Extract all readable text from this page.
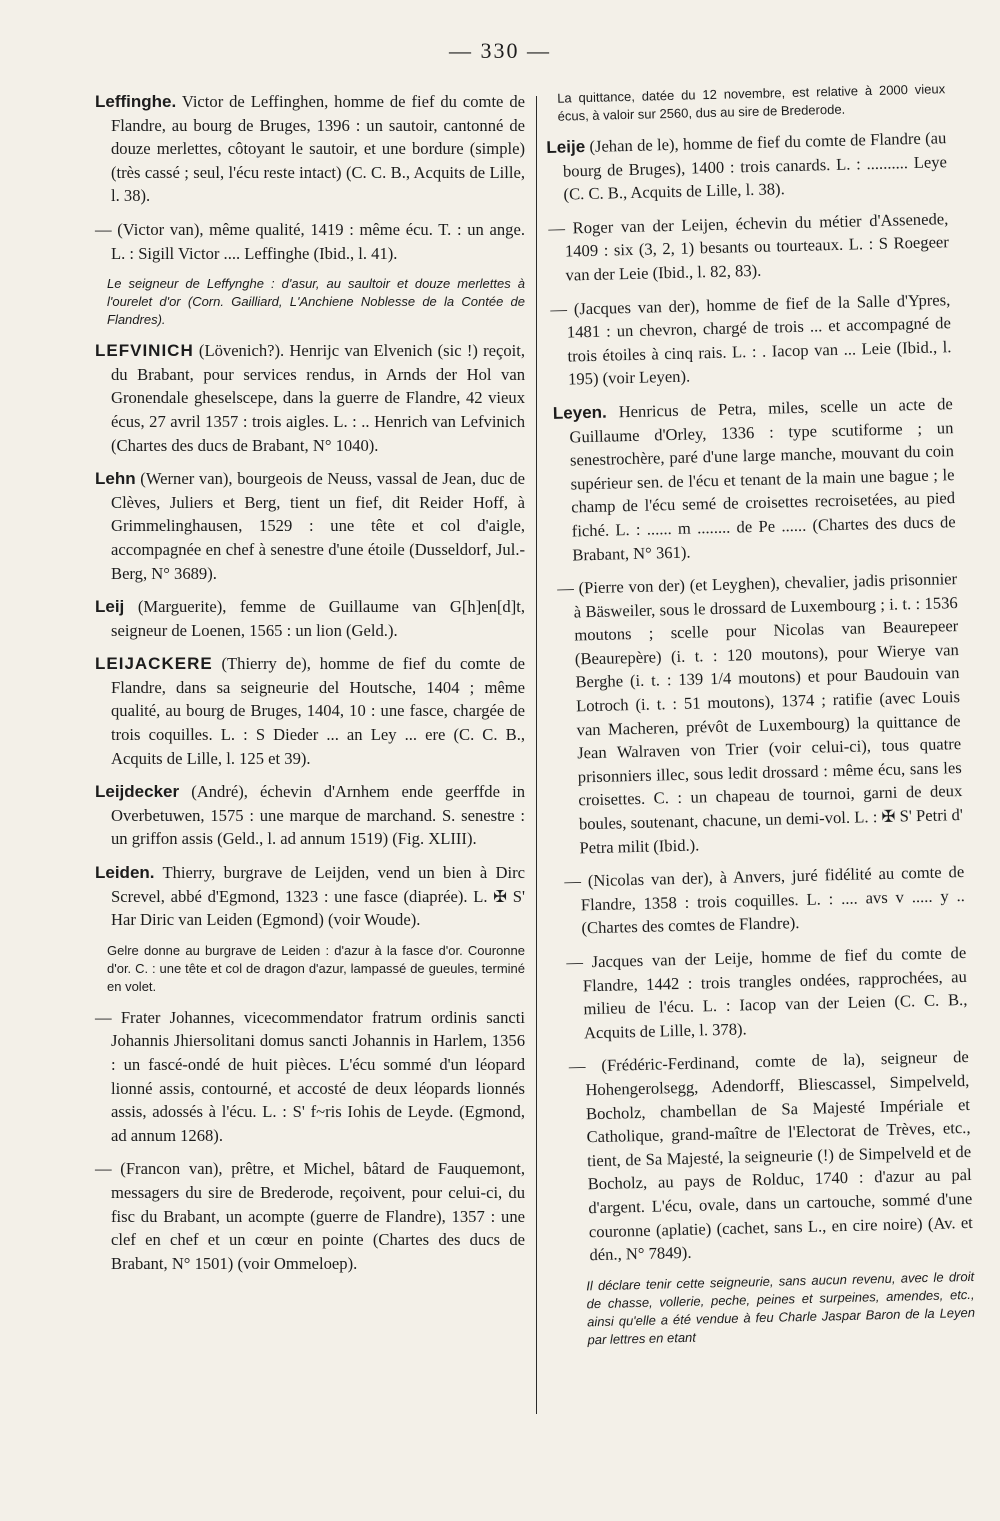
— 330 —

Leffinghe. Victor de Leffinghen, homme de fief du comte de Flandre, au bourg de Bruges, 1396 : un sautoir, cantonné de douze merlettes, côtoyant le sautoir, et une bordure (simple) (très cassé ; seul, l'écu reste intact) (C. C. B., Acquits de Lille, l. 38).

— (Victor van), même qualité, 1419 : même écu. T. : un ange. L. : Sigill Victor .... Leffinghe (Ibid., l. 41).

Le seigneur de Leffynghe : d'asur, au saultoir et douze merlettes à l'ourelet d'or (Corn. Gailliard, L'Anchiene Noblesse de la Contée de Flandres).

LEFVINICH (Lövenich?). Henrijc van Elvenich (sic !) reçoit, du Brabant, pour services rendus, in Arnds der Hol van Gronendale gheselscepe, dans la guerre de Flandre, 42 vieux écus, 27 avril 1357 : trois aigles. L. : .. Henrich van Lefvinich (Chartes des ducs de Brabant, N° 1040).

Lehn (Werner van), bourgeois de Neuss, vassal de Jean, duc de Clèves, Juliers et Berg, tient un fief, dit Reider Hoff, à Grimmelinghausen, 1529 : une tête et col d'aigle, accompagnée en chef à senestre d'une étoile (Dusseldorf, Jul.-Berg, N° 3689).

Leij (Marguerite), femme de Guillaume van G[h]en[d]t, seigneur de Loenen, 1565 : un lion (Geld.).

LEIJACKERE (Thierry de), homme de fief du comte de Flandre, dans sa seigneurie del Houtsche, 1404 ; même qualité, au bourg de Bruges, 1404, 10 : une fasce, chargée de trois coquilles. L. : S Dieder ... an Ley ... ere (C. C. B., Acquits de Lille, l. 125 et 39).

Leijdecker (André), échevin d'Arnhem ende geerffde in Overbetuwen, 1575 : une marque de marchand. S. senestre : un griffon assis (Geld., l. ad annum 1519) (Fig. XLIII).

Leiden. Thierry, burgrave de Leijden, vend un bien à Dirc Screvel, abbé d'Egmond, 1323 : une fasce (diaprée). L. ✠ S' Har Diric van Leiden (Egmond) (voir Woude).

Gelre donne au burgrave de Leiden : d'azur à la fasce d'or. Couronne d'or. C. : une tête et col de dragon d'azur, lampassé de gueules, terminé en volet.

— Frater Johannes, vicecommendator fratrum ordinis sancti Johannis Jhiersolitani domus sancti Johannis in Harlem, 1356 : un fascé-ondé de huit pièces. L'écu sommé d'un léopard lionné assis, contourné, et accosté de deux léopards lionnés assis, adossés à l'écu. L. : S' f~ris Iohis de Leyde. (Egmond, ad annum 1268).

— (Francon van), prêtre, et Michel, bâtard de Fauquemont, messagers du sire de Brederode, reçoivent, pour celui-ci, du fisc du Brabant, un acompte (guerre de Flandre), 1357 : une clef en chef et un cœur en pointe (Chartes des ducs de Brabant, N° 1501) (voir Ommeloep).

La quittance, datée du 12 novembre, est relative à 2000 vieux écus, à valoir sur 2560, dus au sire de Brederode.

Leije (Jehan de le), homme de fief du comte de Flandre (au bourg de Bruges), 1400 : trois canards. L. : .......... Leye (C. C. B., Acquits de Lille, l. 38).

— Roger van der Leijen, échevin du métier d'Assenede, 1409 : six (3, 2, 1) besants ou tourteaux. L. : S Roegeer van der Leie (Ibid., l. 82, 83).

— (Jacques van der), homme de fief de la Salle d'Ypres, 1481 : un chevron, chargé de trois ... et accompagné de trois étoiles à cinq rais. L. : . Iacop van ... Leie (Ibid., l. 195) (voir Leyen).

Leyen. Henricus de Petra, miles, scelle un acte de Guillaume d'Orley, 1336 : type scutiforme ; un senestrochère, paré d'une large manche, mouvant du coin supérieur sen. de l'écu et tenant de la main une bague ; le champ de l'écu semé de croisettes recroisetées, au pied fiché. L. : ...... m ........ de Pe ...... (Chartes des ducs de Brabant, N° 361).

— (Pierre von der) (et Leyghen), chevalier, jadis prisonnier à Bäsweiler, sous le drossard de Luxembourg ; i. t. : 1536 moutons ; scelle pour Nicolas van Beaurepeer (Beaurepère) (i. t. : 120 moutons), pour Wierye van Berghe (i. t. : 139 1/4 moutons) et pour Baudouin van Lotroch (i. t. : 51 moutons), 1374 ; ratifie (avec Louis van Macheren, prévôt de Luxembourg) la quittance de Jean Walraven von Trier (voir celui-ci), tous quatre prisonniers illec, sous ledit drossard : même écu, sans les croisettes. C. : un chapeau de tournoi, garni de deux boules, soutenant, chacune, un demi-vol. L. : ✠ S' Petri d' Petra milit (Ibid.).

— (Nicolas van der), à Anvers, juré fidélité au comte de Flandre, 1358 : trois coquilles. L. : .... avs v ..... y .. (Chartes des comtes de Flandre).

— Jacques van der Leije, homme de fief du comte de Flandre, 1442 : trois trangles ondées, rapprochées, au milieu de l'écu. L. : Iacop van der Leien (C. C. B., Acquits de Lille, l. 378).

— (Frédéric-Ferdinand, comte de la), seigneur de Hohengerolsegg, Adendorff, Bliescassel, Simpelveld, Bocholz, chambellan de Sa Majesté Impériale et Catholique, grand-maître de l'Electorat de Trèves, etc., tient, de Sa Majesté, la seigneurie (!) de Simpelveld et de Bocholz, au pays de Rolduc, 1740 : d'azur au pal d'argent. L'écu, ovale, dans un cartouche, sommé d'une couronne (aplatie) (cachet, sans L., en cire noire) (Av. et dén., N° 7849).

Il déclare tenir cette seigneurie, sans aucun revenu, avec le droit de chasse, vollerie, peche, peines et surpeines, amendes, etc., ainsi qu'elle a été vendue à feu Charle Jaspar Baron de la Leyen par lettres en etant
